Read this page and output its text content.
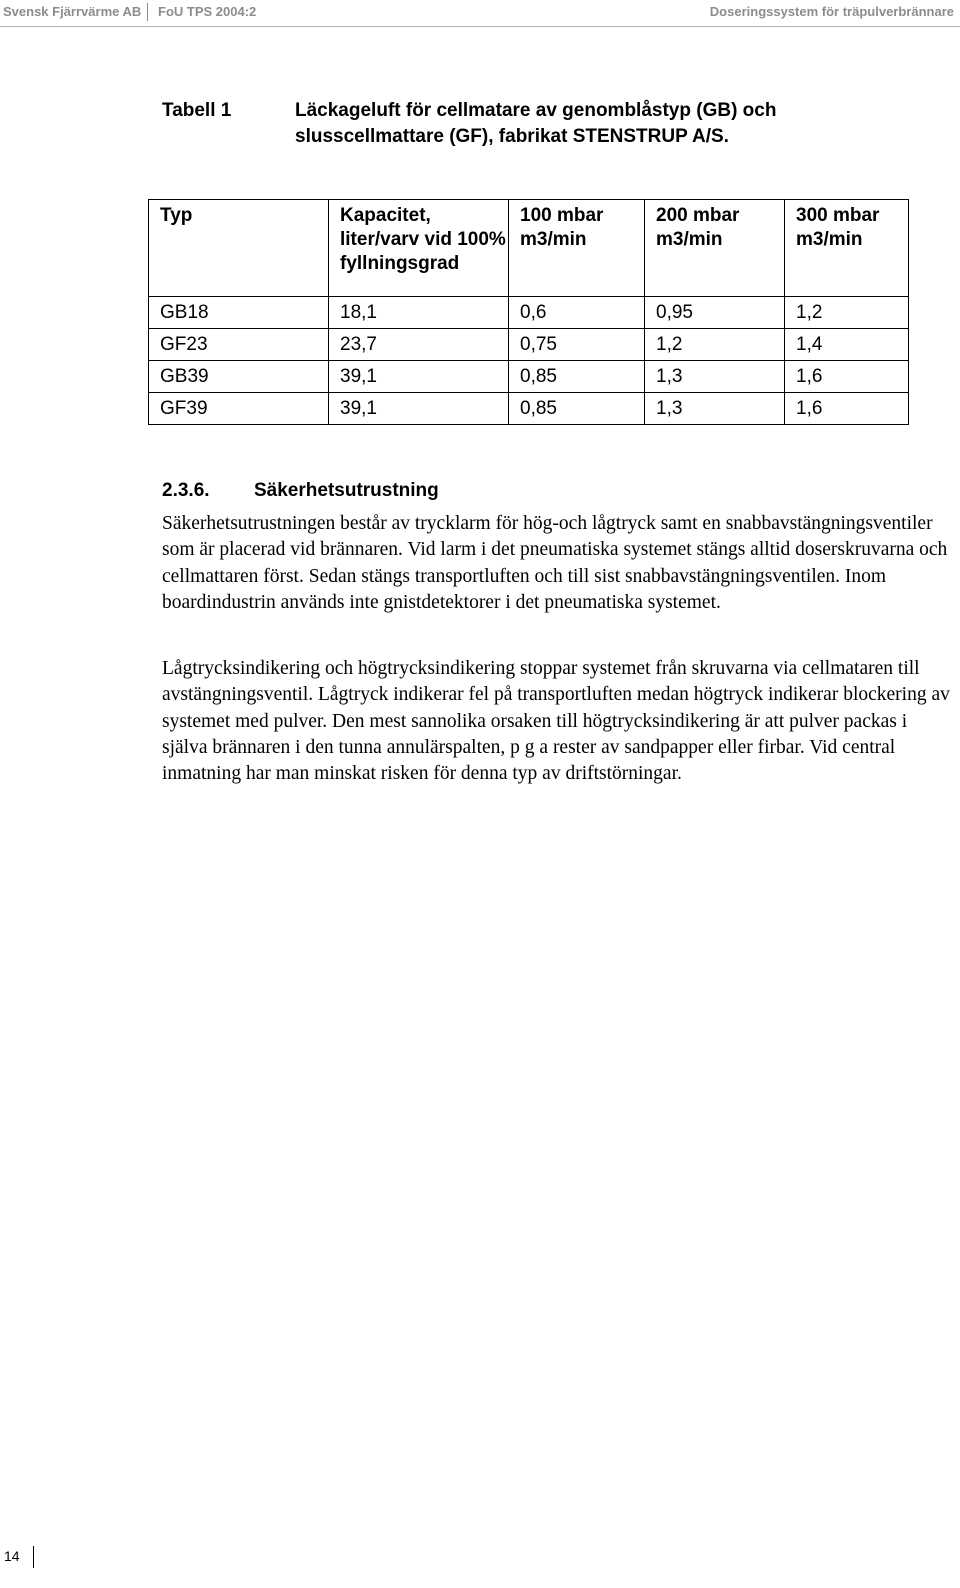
Svensk Fjärrvärme AB FoU TPS 2004:2	Doseringssystem för träpulverbrännare
Tabell 1	Läckageluft för cellmatare av genomblåstyp (GB) och slusscellmattare (GF), fabrikat STENSTRUP A/S.
Typ	Kapacitet, liter/varv vid 100% fyllningsgrad	100 mbar m3/min	200 mbar m3/min	300 mbar m3/min
GB18	18,1	0,6	0,95	1,2
GF23	23,7	0,75	1,2	1,4
GB39	39,1	0,85	1,3	1,6
GF39	39,1	0,85	1,3	1,6
2.3.6. Säkerhetsutrustning

Säkerhetsutrustningen består av trycklarm för hög-och lågtryck samt en snabbavstängningsventiler som är placerad vid brännaren. Vid larm i det pneumatiska systemet stängs alltid doserskruvarna och cellmattaren först. Sedan stängs transportluften och till sist snabbavstängningsventilen. Inom boardindustrin används inte gnistdetektorer i det pneumatiska systemet.

Lågtrycksindikering och högtrycksindikering stoppar systemet från skruvarna via cellmataren till avstängningsventil. Lågtryck indikerar fel på transportluften medan högtryck indikerar blockering av systemet med pulver. Den mest sannolika orsaken till högtrycksindikering är att pulver packas i själva brännaren i den tunna annulärspalten, p g a rester av sandpapper eller firbar. Vid central inmatning har man minskat risken för denna typ av driftstörningar.

14
